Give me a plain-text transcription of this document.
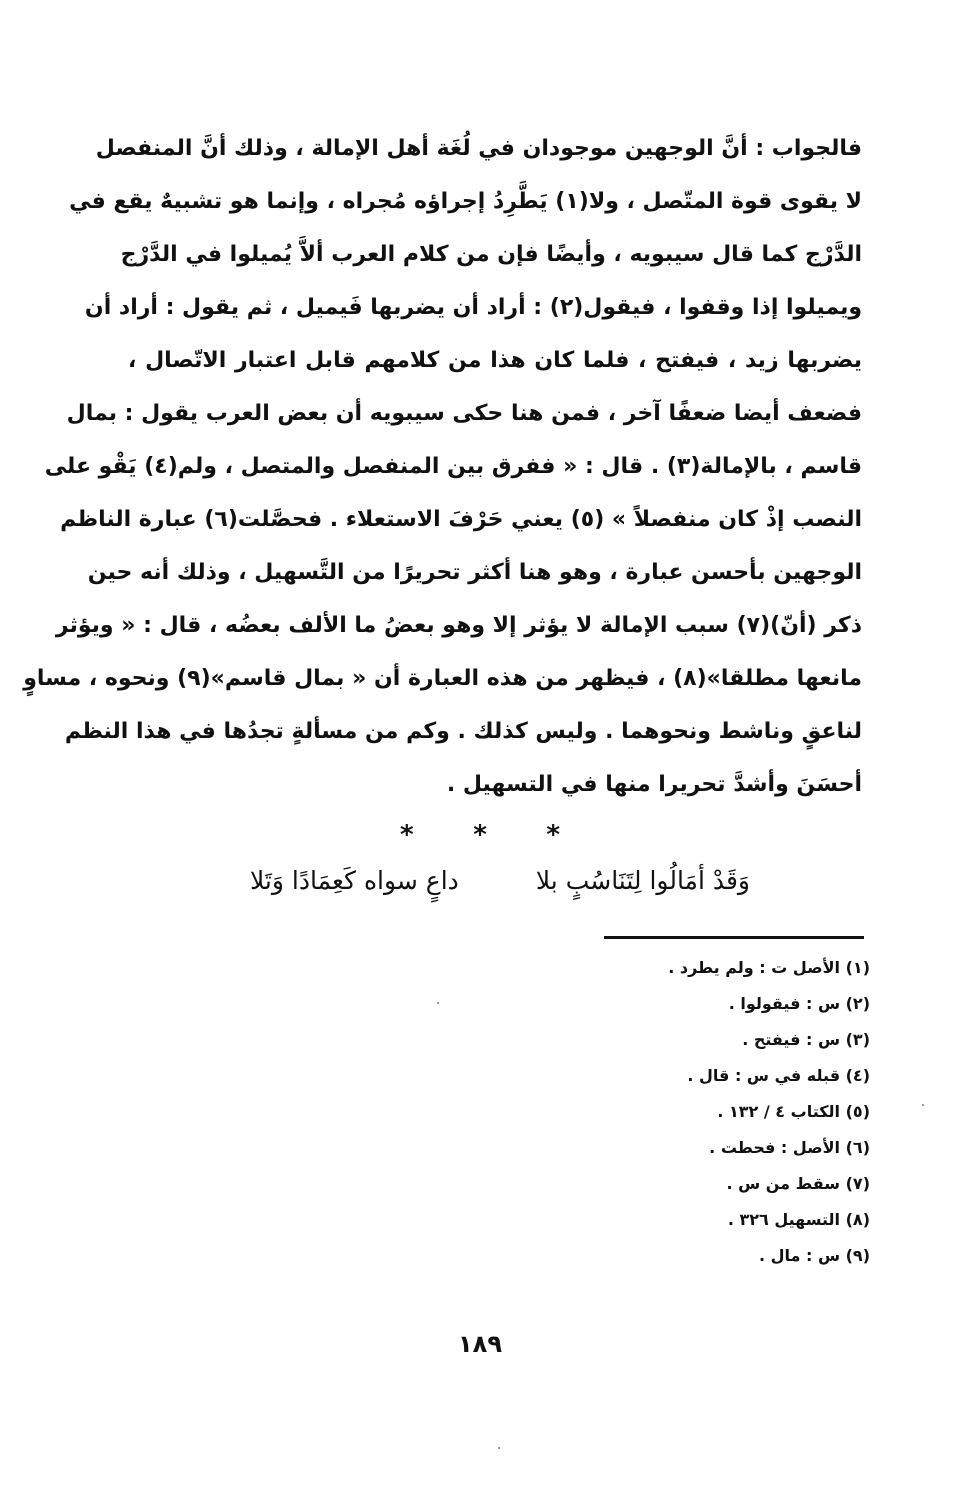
فالجواب : أنَّ الوجهين موجودان في لُغَة أهل الإمالة ، وذلك أنَّ المنفصل
لا يقوى قوة المتّصل ، ولا(١) يَطَّرِدُ إجراؤه مُجراه ، وإنما هو تشبيهٌ يقع في
الدَّرْج كما قال سيبويه ، وأيضًا فإن من كلام العرب ألاَّ يُميلوا في الدَّرْج
ويميلوا إذا وقفوا ، فيقول(٢) : أراد أن يضربها فَيميل ، ثم يقول : أراد أن
يضربها زيد ، فيفتح ، فلما كان هذا من كلامهم قابل اعتبار الاتّصال ،
فضعف أيضا ضعفًا آخر ، فمن هنا حكى سيبويه أن بعض العرب يقول : بمال
قاسم ، بالإمالة(٣) . قال : « ففرق بين المنفصل والمتصل ، ولم(٤) يَقْو على
النصب إذْ كان منفصلاً » (٥) يعني حَرْفَ الاستعلاء . فحصَّلت(٦) عبارة الناظم
الوجهين بأحسن عبارة ، وهو هنا أكثر تحريرًا من التَّسهيل ، وذلك أنه حين
ذكر (أنّ)(٧) سبب الإمالة لا يؤثر إلا وهو بعضُ ما الألف بعضُه ، قال : « ويؤثر
مانعها مطلقا»(٨) ، فيظهر من هذه العبارة أن « بمال قاسم»(٩) ونحوه ، مساوٍ
لناعقٍ وناشط ونحوهما . وليس كذلك . وكم من مسألةٍ تجدُها في هذا النظم
أحسَنَ وأشدَّ تحريرا منها في التسهيل .
*
*
*
وَقَدْ أمَالُوا لِتَنَاسُبٍ بلا
داعٍ سواه كَعِمَادًا وَتَلا
(١) الأصل ت : ولم يطرد .
(٢) س : فيقولوا .
(٣) س : فيفتح .
(٤) قبله في س : قال .
(٥) الكتاب ٤ / ١٣٢ .
(٦) الأصل : فحطت .
(٧) سقط من س .
(٨) التسهيل ٣٢٦ .
(٩) س : مال .
١٨٩
